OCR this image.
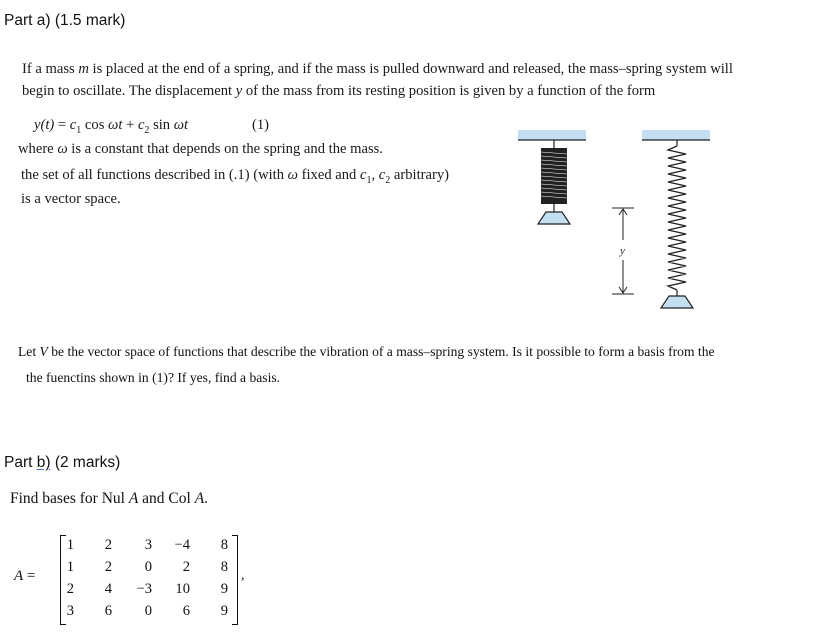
Part a) (1.5 mark)
If a mass m is placed at the end of a spring, and if the mass is pulled downward and released, the mass–spring system will
begin to oscillate. The displacement y of the mass from its resting position is given by a function of the form
$y(t) = c_1$ $\cos \omega t + c_2$ sin ωt	(1)
where ω is a constant that depends on the spring and the mass.
the set of all functions described in (.1) (with ω fixed and $c_1$, $c_2$ arbitrary)
is a vector space.
y
Let V be the vector space of functions that describe the vibration of a mass–spring system. Is it possible to form a basis from the
the fuenctins shown in (1)? If yes, find a basis.
Part b) (2 marks)
Find bases for Nul A and Col A.
A =
1	2	3	−4	8
1	2	0	2	8
2	4	−3	10	9
3	6	0	6	9
,
